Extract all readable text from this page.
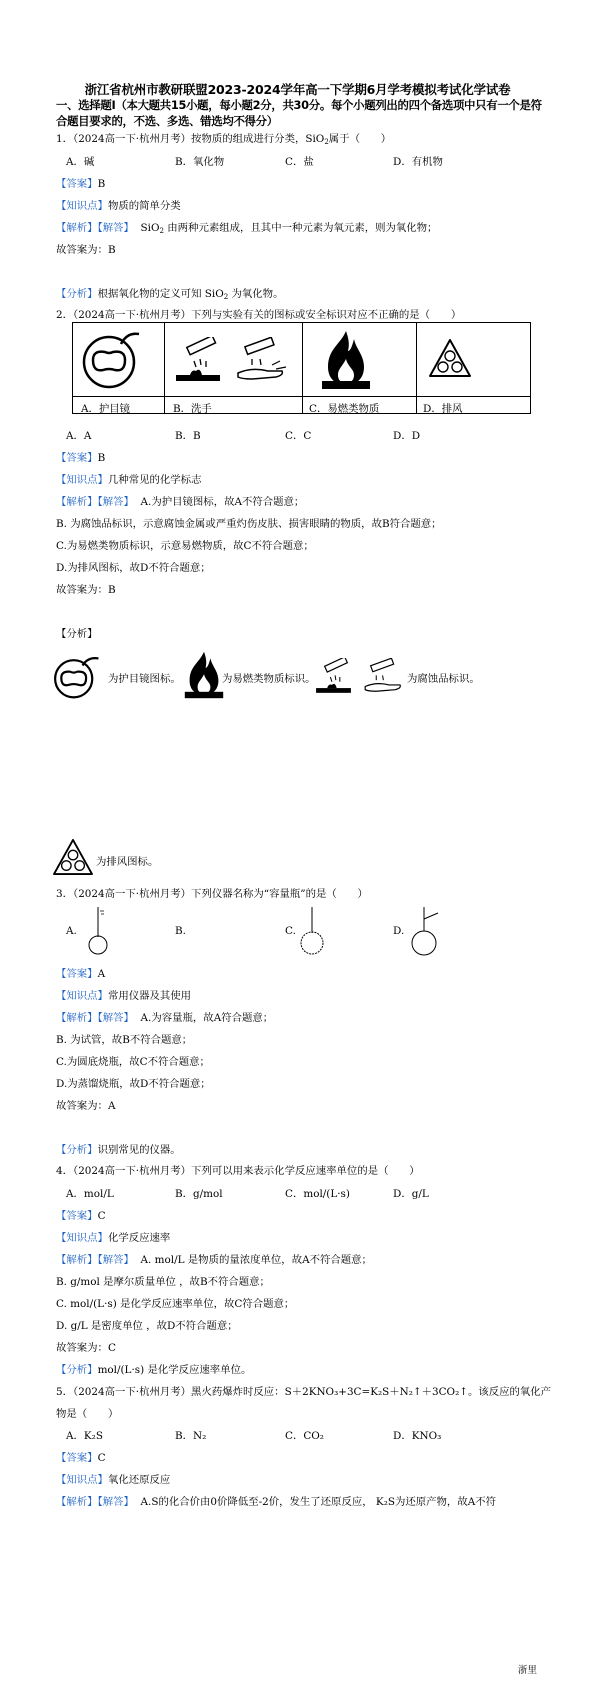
浙江省杭州市教研联盟2023-2024学年高一下学期6月学考模拟考试化学试卷
一、选择题Ⅰ（本大题共15小题，每小题2分，共30分。每个小题列出的四个备选项中只有一个是符合题目要求的，不选、多选、错选均不得分）
1．（2024高一下·杭州月考）按物质的组成进行分类，SiO$_2$属于（　　）
A．碱	B．氧化物	C．盐	D．有机物
【答案】B
【知识点】物质的简单分类
【解析】【解答】 SiO$_2$ 由两种元素组成，且其中一种元素为氧元素，则为氧化物；
故答案为：B
【分析】根据氧化物的定义可知 SiO$_2$ 为氧化物。
2．（2024高一下·杭州月考）下列与实验有关的图标或安全标识对应不正确的是（　　）
A．护目镜	B．洗手	C．易燃类物质	D．排风
A．A	B．B	C．C	D．D
【答案】B
【知识点】几种常见的化学标志
【解析】【解答】 A.为护目镜图标，故A不符合题意；
B. 为腐蚀品标识，示意腐蚀金属或严重灼伤皮肤、损害眼睛的物质，故B符合题意；
C.为易燃类物质标识，示意易燃物质，故C不符合题意；
D.为排风图标，故D不符合题意；
故答案为：B
【分析】
为护目镜图标。	为易燃类物质标识。	为腐蚀品标识。
为排风图标。
3．（2024高一下·杭州月考）下列仪器名称为“容量瓶”的是（　　）
A.	B.	C.	D.
【答案】A
【知识点】常用仪器及其使用
【解析】【解答】 A.为容量瓶，故A符合题意；
B. 为试管，故B不符合题意；
C.为圆底烧瓶，故C不符合题意；
D.为蒸馏烧瓶，故D不符合题意；
故答案为：A
【分析】识别常见的仪器。
4．（2024高一下·杭州月考）下列可以用来表示化学反应速率单位的是（　　）
A．mol/L	B．g/mol	C．mol/(L·s)	D．g/L
【答案】C
【知识点】化学反应速率
【解析】【解答】 A. mol/L 是物质的量浓度单位，故A不符合题意；
B. g/mol 是摩尔质量单位 ，故B不符合题意；
C. mol/(L·s) 是化学反应速率单位，故C符合题意；
D. g/L 是密度单位 ，故D不符合题意；
故答案为：C
【分析】mol/(L·s) 是化学反应速率单位。
5．（2024高一下·杭州月考）黑火药爆炸时反应：S＋2KNO₃+3C=K₂S＋N₂↑＋3CO₂↑。该反应的氧化产
物是（　　）
A．K₂S	B．N₂	C．CO₂	D．KNO₃
【答案】C
【知识点】氧化还原反应
【解析】【解答】 A.S的化合价由0价降低至-2价，发生了还原反应， K₂S为还原产物，故A不符
浙里
